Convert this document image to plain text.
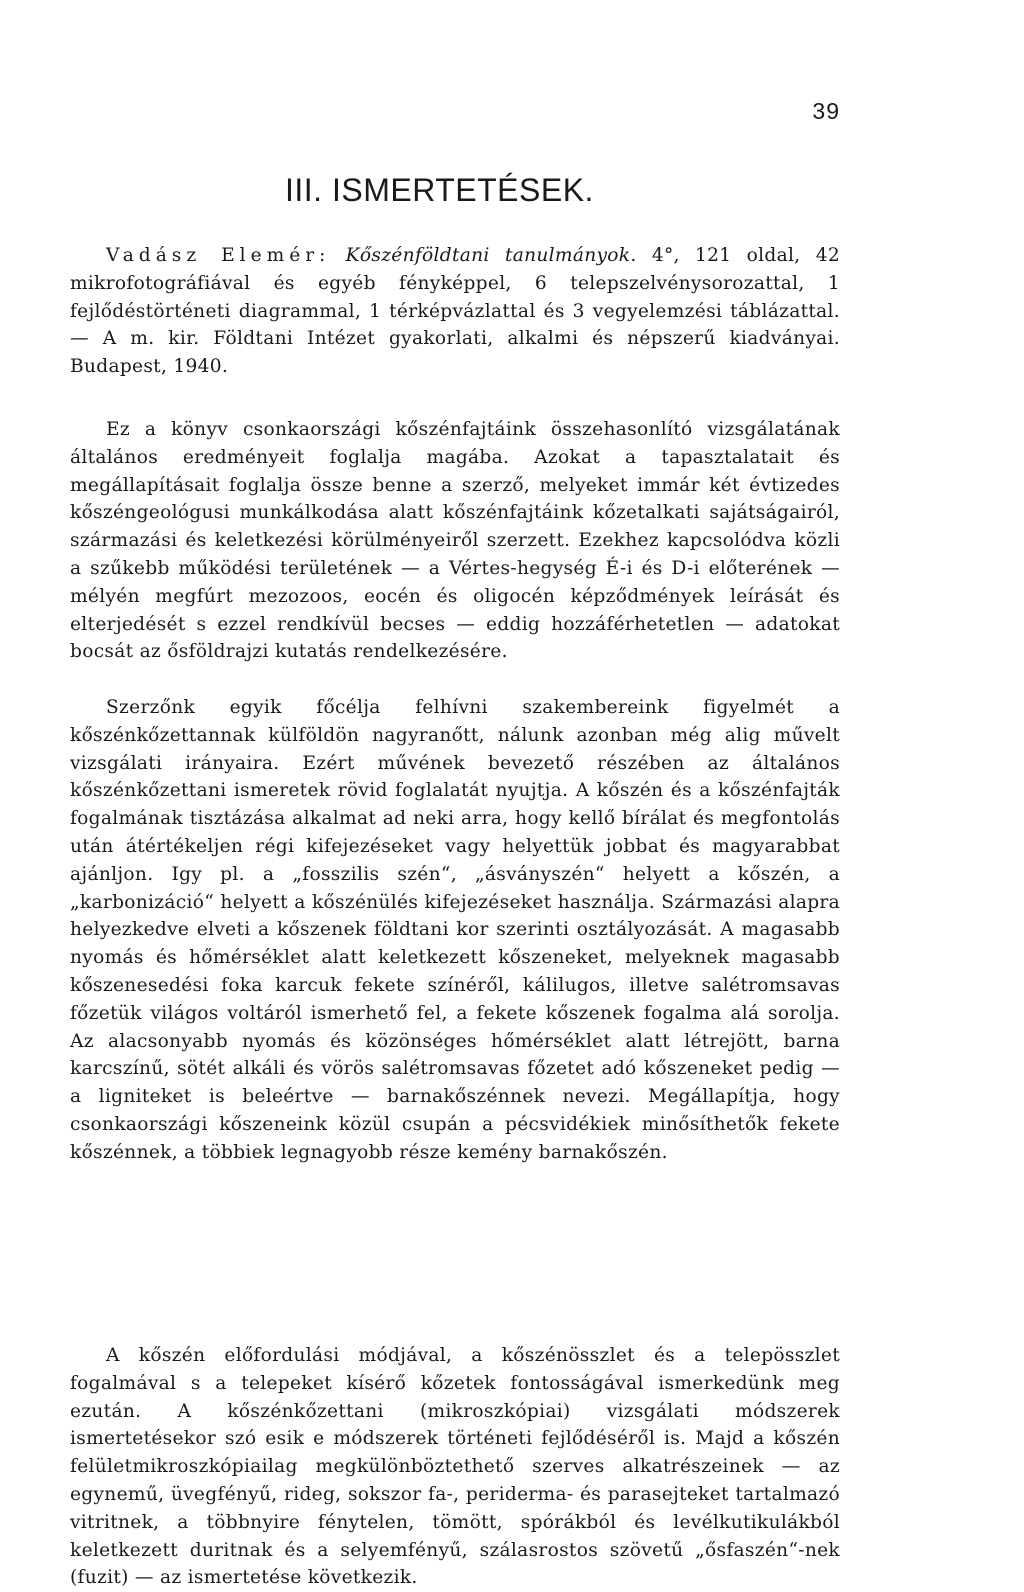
39
III. ISMERTETÉSEK.

Vadász Elemér: Kőszénföldtani tanulmányok. 4°, 121 oldal, 42 mikrofotográfiával és egyéb fényképpel, 6 telepszelvénysorozattal, 1 fejlődéstörténeti diagrammal, 1 térképvázlattal és 3 vegyelemzési táblázattal. — A m. kir. Földtani Intézet gyakorlati, alkalmi és népszerű kiadványai. Budapest, 1940.

Ez a könyv csonkaországi kőszénfajtáink összehasonlító vizsgálatának általános eredményeit foglalja magába. Azokat a tapasztalatait és megállapításait foglalja össze benne a szerző, melyeket immár két évtizedes kőszéngeológusi munkálkodása alatt kőszénfajtáink kőzetalkati sajátságairól, származási és keletkezési körülményeiről szerzett. Ezekhez kapcsolódva közli a szűkebb működési területének — a Vértes-hegység É-i és D-i előterének — mélyén megfúrt mezozoos, eocén és oligocén képződmények leírását és elterjedését s ezzel rendkívül becses — eddig hozzáférhetetlen — adatokat bocsát az ősföldrajzi kutatás rendelkezésére.

Szerzőnk egyik főcélja felhívni szakembereink figyelmét a kőszénkőzettannak külföldön nagyranőtt, nálunk azonban még alig művelt vizsgálati irányaira. Ezért művének bevezető részében az általános kőszénkőzettani ismeretek rövid foglalatát nyujtja. A kőszén és a kőszénfajták fogalmának tisztázása alkalmat ad neki arra, hogy kellő bírálat és megfontolás után átértékeljen régi kifejezéseket vagy helyettük jobbat és magyarabbat ajánljon. Igy pl. a „fosszilis szén“, „ásványszén“ helyett a kőszén, a „karbonizáció“ helyett a kőszénülés kifejezéseket használja. Származási alapra helyezkedve elveti a kőszenek földtani kor szerinti osztályozását. A magasabb nyomás és hőmérséklet alatt keletkezett kőszeneket, melyeknek magasabb kőszenesedési foka karcuk fekete színéről, kálilugos, illetve salétromsavas főzetük világos voltáról ismerhető fel, a fekete kőszenek fogalma alá sorolja. Az alacsonyabb nyomás és közönséges hőmérséklet alatt létrejött, barna karcszínű, sötét alkáli és vörös salétromsavas főzetet adó kőszeneket pedig — a ligniteket is beleértve — barnakőszénnek nevezi. Megállapítja, hogy csonkaországi kőszeneink közül csupán a pécsvidékiek minősíthetők fekete kőszénnek, a többiek legnagyobb része kemény barnakőszén.

A kőszén előfordulási módjával, a kőszénösszlet és a telepösszlet fogalmával s a telepeket kísérő kőzetek fontosságával ismerkedünk meg ezután. A kőszénkőzettani (mikroszkópiai) vizsgálati módszerek ismertetésekor szó esik e módszerek történeti fejlődéséről is. Majd a kőszén felületmikroszkópiailag megkülönböztethető szerves alkatrészeinek — az egynemű, üvegfényű, rideg, sokszor fa-, periderma- és parasejteket tartalmazó vitritnek, a többnyire fénytelen, tömött, spórákból és levélkutikulákból keletkezett duritnak és a selyemfényű, szálasrostos szövetű „ősfaszén“-nek (fuzit) — az ismertetése következik.
